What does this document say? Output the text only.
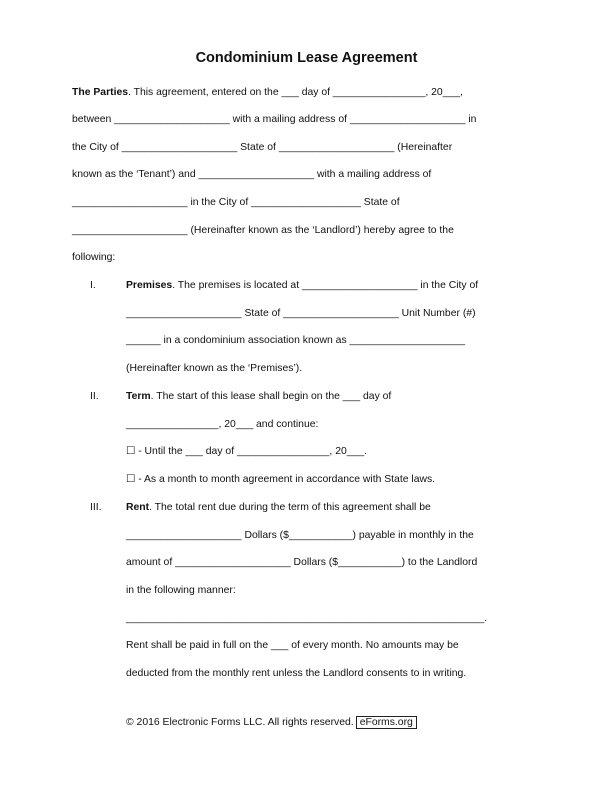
Condominium Lease Agreement
The Parties. This agreement, entered on the ___ day of ________________, 20___,
between ____________________ with a mailing address of ____________________ in
the City of ____________________ State of ____________________ (Hereinafter
known as the ‘Tenant’) and ____________________ with a mailing address of
____________________ in the City of ___________________ State of
____________________ (Hereinafter known as the ‘Landlord’) hereby agree to the
following:
I.	Premises. The premises is located at ____________________ in the City of
____________________ State of ____________________ Unit Number (#)
______ in a condominium association known as ____________________
(Hereinafter known as the ‘Premises’).
II.	Term. The start of this lease shall begin on the ___ day of
________________, 20___ and continue:
☐ - Until the ___ day of ________________, 20___.
☐ - As a month to month agreement in accordance with State laws.
III. Rent. The total rent due during the term of this agreement shall be
____________________ Dollars ($___________) payable in monthly in the
amount of ____________________ Dollars ($___________) to the Landlord
in the following manner:
______________________________________________________________.
Rent shall be paid in full on the ___ of every month. No amounts may be
deducted from the monthly rent unless the Landlord consents to in writing.
© 2016 Electronic Forms LLC. All rights reserved. eForms.org
